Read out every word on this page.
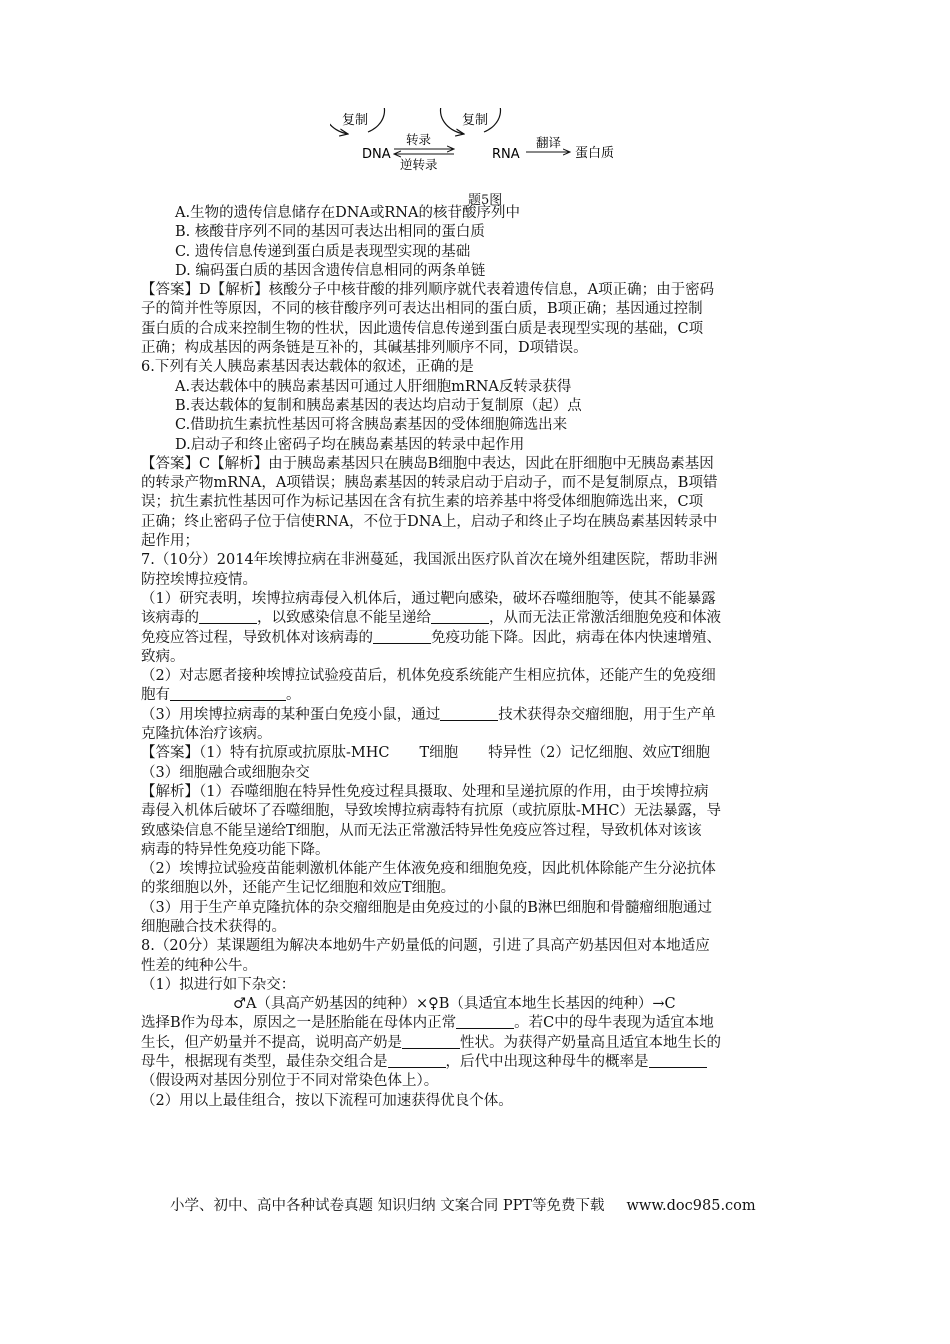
复制
DNA
转录
逆转录
复制
RNA
翻译
蛋白质
题5图
A.生物的遗传信息储存在DNA或RNA的核苷酸序列中
B. 核酸苷序列不同的基因可表达出相同的蛋白质
C. 遗传信息传递到蛋白质是表现型实现的基础
D. 编码蛋白质的基因含遗传信息相同的两条单链
【答案】D【解析】核酸分子中核苷酸的排列顺序就代表着遗传信息，A项正确；由于密码
子的简并性等原因，不同的核苷酸序列可表达出相同的蛋白质，B项正确；基因通过控制
蛋白质的合成来控制生物的性状，因此遗传信息传递到蛋白质是表现型实现的基础，C项
正确；构成基因的两条链是互补的，其碱基排列顺序不同，D项错误。
6.下列有关人胰岛素基因表达载体的叙述，正确的是
A.表达载体中的胰岛素基因可通过人肝细胞mRNA反转录获得
B.表达载体的复制和胰岛素基因的表达均启动于复制原（起）点
C.借助抗生素抗性基因可将含胰岛素基因的受体细胞筛选出来
D.启动子和终止密码子均在胰岛素基因的转录中起作用
【答案】C【解析】由于胰岛素基因只在胰岛B细胞中表达，因此在肝细胞中无胰岛素基因
的转录产物mRNA，A项错误；胰岛素基因的转录启动于启动子，而不是复制原点，B项错
误；抗生素抗性基因可作为标记基因在含有抗生素的培养基中将受体细胞筛选出来，C项
正确；终止密码子位于信使RNA，不位于DNA上，启动子和终止子均在胰岛素基因转录中
起作用；
7.（10分）2014年埃博拉病在非洲蔓延，我国派出医疗队首次在境外组建医院，帮助非洲
防控埃博拉疫情。
（1）研究表明，埃博拉病毒侵入机体后，通过靶向感染，破坏吞噬细胞等，使其不能暴露
该病毒的	，以致感染信息不能呈递给	，从而无法正常激活细胞免疫和体液
免疫应答过程，导致机体对该病毒的	免疫功能下降。因此，病毒在体内快速增殖、
致病。
（2）对志愿者接种埃博拉试验疫苗后，机体免疫系统能产生相应抗体，还能产生的免疫细
胞有	。
（3）用埃博拉病毒的某种蛋白免疫小鼠，通过	技术获得杂交瘤细胞，用于生产单
克隆抗体治疗该病。
【答案】（1）特有抗原或抗原肽-MHC T细胞 特异性（2）记忆细胞、效应T细胞
（3）细胞融合或细胞杂交
【解析】（1）吞噬细胞在特异性免疫过程具摄取、处理和呈递抗原的作用，由于埃博拉病
毒侵入机体后破坏了吞噬细胞，导致埃博拉病毒特有抗原（或抗原肽-MHC）无法暴露，导
致感染信息不能呈递给T细胞，从而无法正常激活特异性免疫应答过程，导致机体对该该
病毒的特异性免疫功能下降。
（2）埃博拉试验疫苗能刺激机体能产生体液免疫和细胞免疫，因此机体除能产生分泌抗体
的浆细胞以外，还能产生记忆细胞和效应T细胞。
（3）用于生产单克隆抗体的杂交瘤细胞是由免疫过的小鼠的B淋巴细胞和骨髓瘤细胞通过
细胞融合技术获得的。
8.（20分）某课题组为解决本地奶牛产奶量低的问题，引进了具高产奶基因但对本地适应
性差的纯种公牛。
（1）拟进行如下杂交：
♂A（具高产奶基因的纯种）×♀B（具适宜本地生长基因的纯种）→C
选择B作为母本，原因之一是胚胎能在母体内正常	。若C中的母牛表现为适宜本地
生长，但产奶量并不提高，说明高产奶是	性状。为获得产奶量高且适宜本地生长的
母牛，根据现有类型，最佳杂交组合是	，后代中出现这种母牛的概率是
（假设两对基因分别位于不同对常染色体上）。
（2）用以上最佳组合，按以下流程可加速获得优良个体。
小学、初中、高中各种试卷真题 知识归纳 文案合同 PPT等免费下载 www.doc985.com
